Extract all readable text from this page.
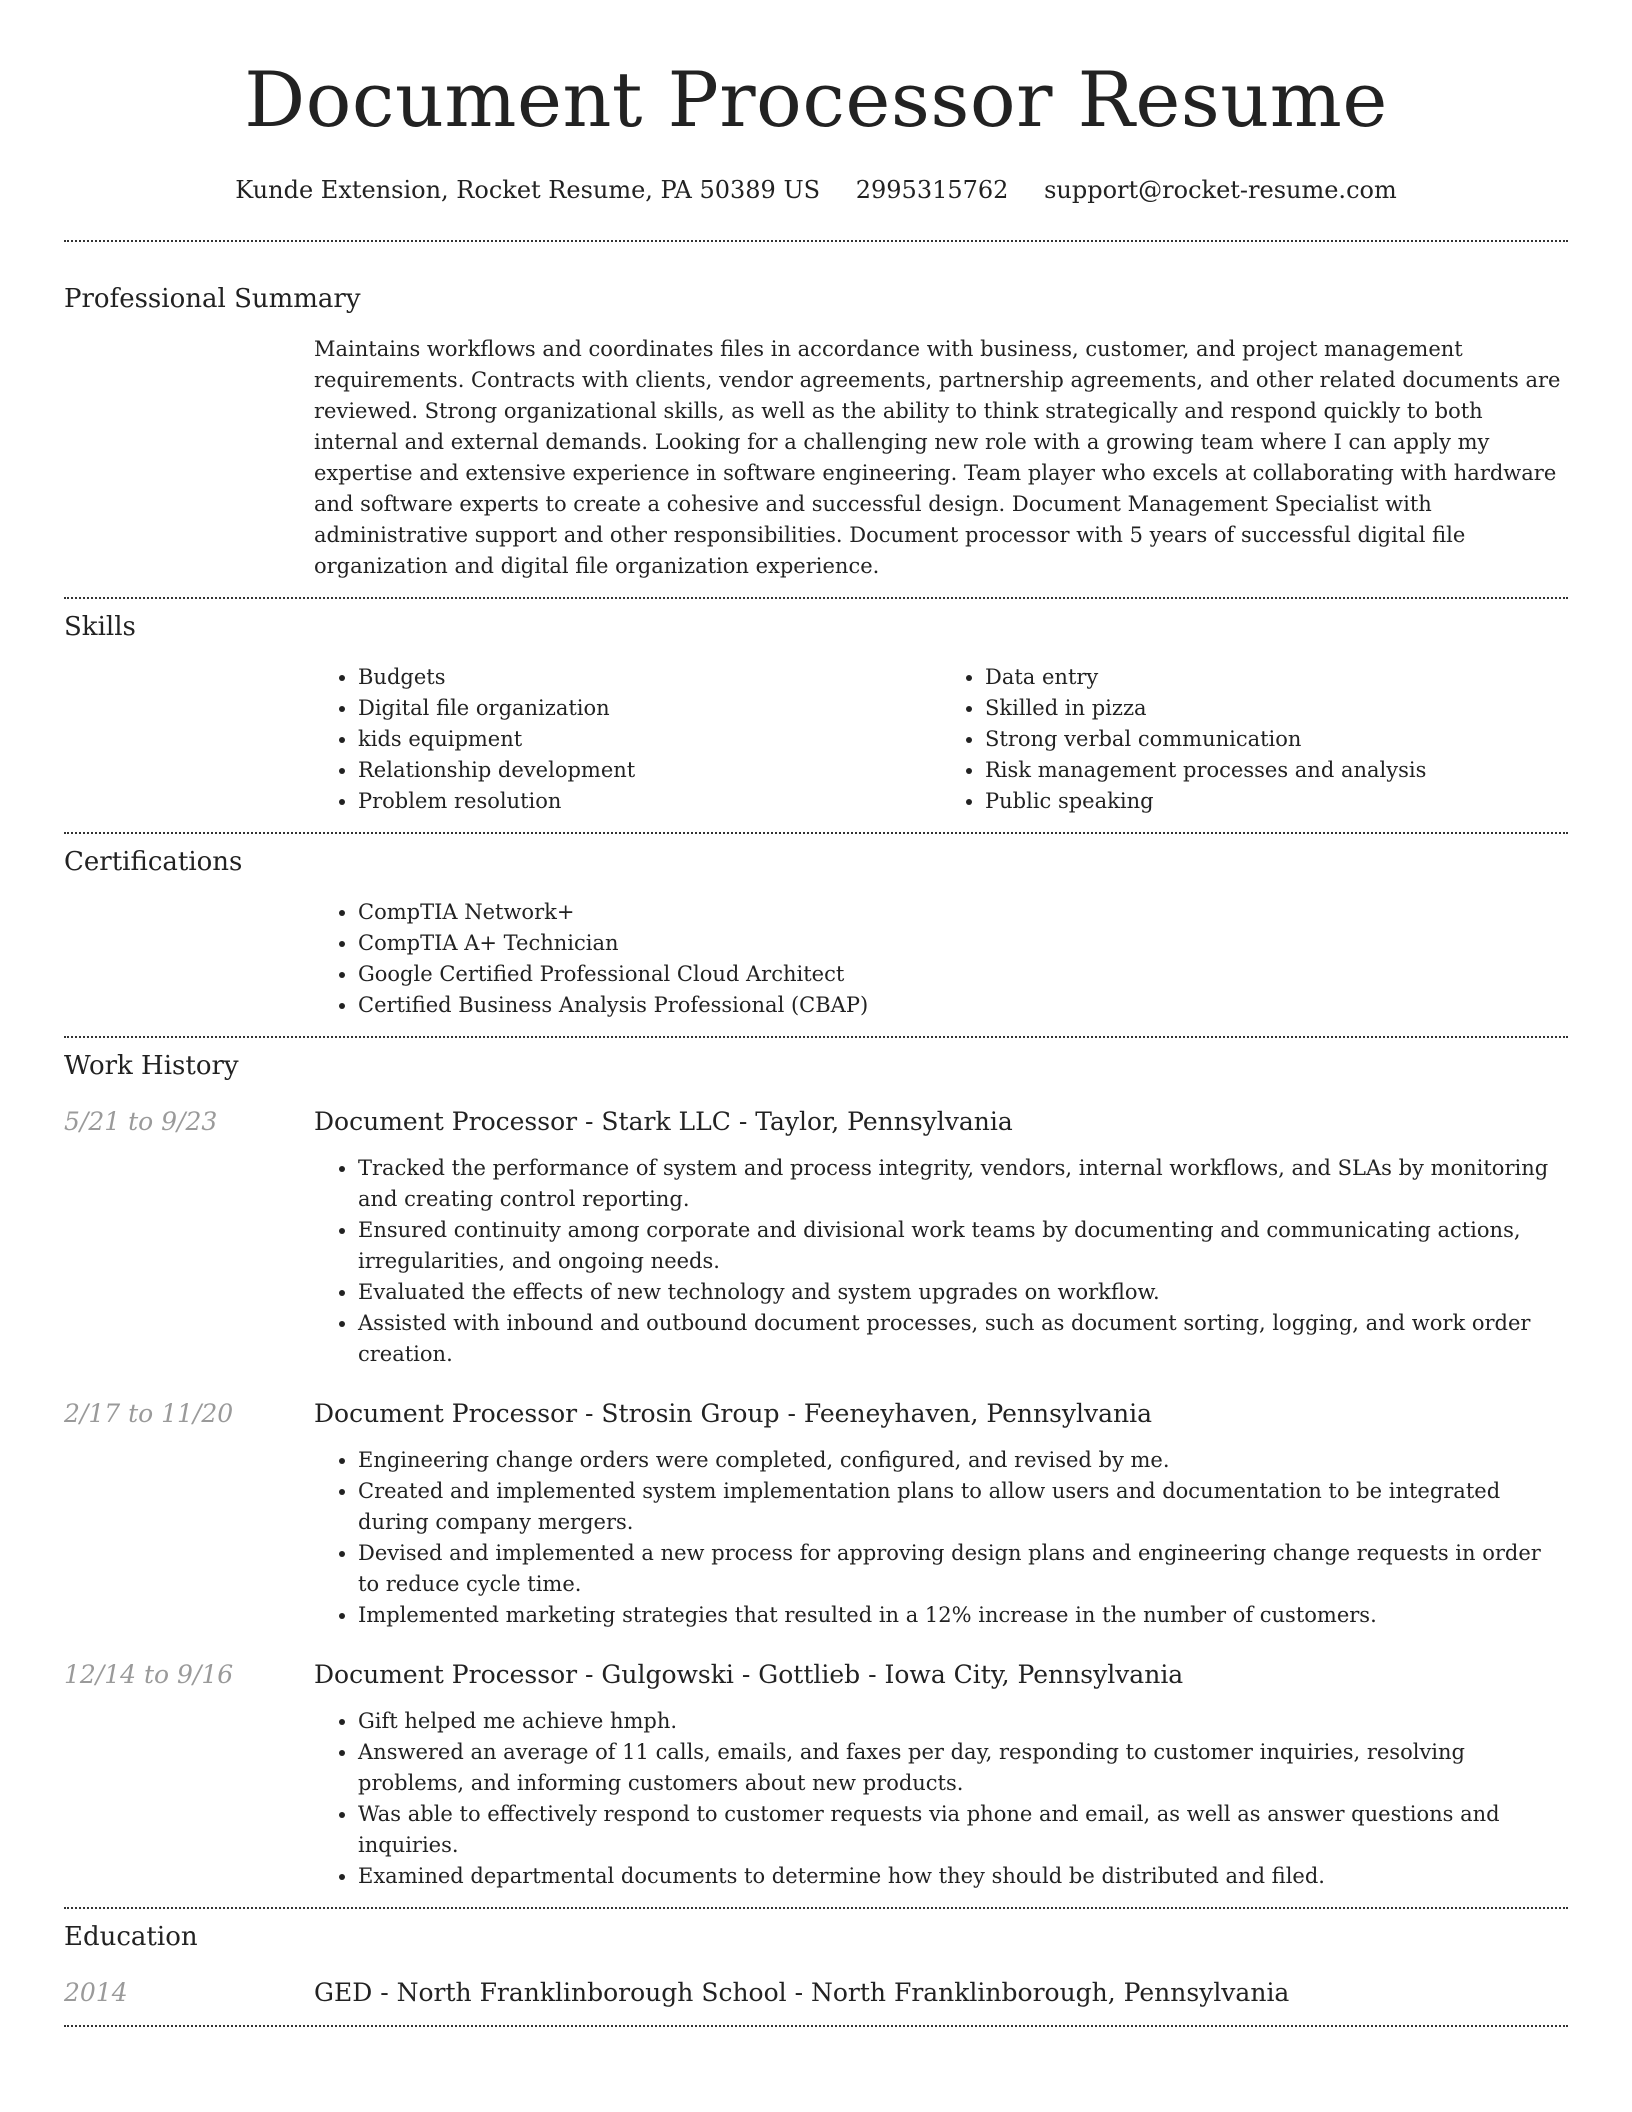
Document Processor Resume
Kunde Extension, Rocket Resume, PA 50389 US 2995315762 support@rocket-resume.com
Professional Summary
Maintains workflows and coordinates files in accordance with business, customer, and project management requirements. Contracts with clients, vendor agreements, partnership agreements, and other related documents are reviewed. Strong organizational skills, as well as the ability to think strategically and respond quickly to both internal and external demands. Looking for a challenging new role with a growing team where I can apply my expertise and extensive experience in software engineering. Team player who excels at collaborating with hardware and software experts to create a cohesive and successful design. Document Management Specialist with administrative support and other responsibilities. Document processor with 5 years of successful digital file organization and digital file organization experience.
Skills
• Budgets
• Digital file organization
• kids equipment
• Relationship development
• Problem resolution
• Data entry
• Skilled in pizza
• Strong verbal communication
• Risk management processes and analysis
• Public speaking
Certifications
• CompTIA Network+
• CompTIA A+ Technician
• Google Certified Professional Cloud Architect
• Certified Business Analysis Professional (CBAP)
Work History
5/21 to 9/23	Document Processor - Stark LLC - Taylor, Pennsylvania
• Tracked the performance of system and process integrity, vendors, internal workflows, and SLAs by monitoring and creating control reporting.
• Ensured continuity among corporate and divisional work teams by documenting and communicating actions, irregularities, and ongoing needs.
• Evaluated the effects of new technology and system upgrades on workflow.
• Assisted with inbound and outbound document processes, such as document sorting, logging, and work order creation.
2/17 to 11/20	Document Processor - Strosin Group - Feeneyhaven, Pennsylvania
• Engineering change orders were completed, configured, and revised by me.
• Created and implemented system implementation plans to allow users and documentation to be integrated during company mergers.
• Devised and implemented a new process for approving design plans and engineering change requests in order to reduce cycle time.
• Implemented marketing strategies that resulted in a 12% increase in the number of customers.
12/14 to 9/16	Document Processor - Gulgowski - Gottlieb - Iowa City, Pennsylvania
• Gift helped me achieve hmph.
• Answered an average of 11 calls, emails, and faxes per day, responding to customer inquiries, resolving problems, and informing customers about new products.
• Was able to effectively respond to customer requests via phone and email, as well as answer questions and inquiries.
• Examined departmental documents to determine how they should be distributed and filed.
Education
2014	GED - North Franklinborough School - North Franklinborough, Pennsylvania
